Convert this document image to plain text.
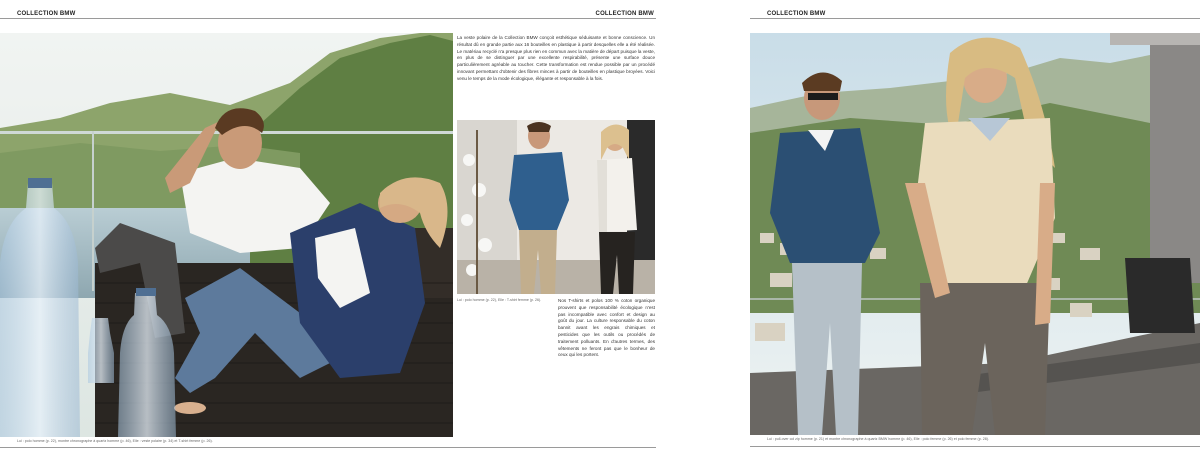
COLLECTION BMW	COLLECTION BMW

La veste polaire de la Collection BMW conçoit esthétique séduisante et bonne conscience. Un résultat dû en grande partie aux 16 bouteilles en plastique à partir desquelles elle a été réalisée. Le matériau recyclé n'a presque plus rien en commun avec la matière de départ puisque la veste, en plus de se distinguer par une excellente respirabilité, présente une surface douce particulièrement agréable au toucher. Cette transformation est rendue possible par un procédé innovant permettant d'obtenir des fibres minces à partir de bouteilles en plastique broyées. Voici venu le temps de la mode écologique, élégante et responsable à la fois.

Lui : polo homme (p. 22), Elle : T-shirt femme (p. 26).	Nos T-shirts et polos 100 % coton organique prouvent que responsabilité écologique n'est pas incompatible avec confort et design au goût du jour. La culture responsable du coton bannit avant les engrais chimiques et pesticides que les outils ou procédés de traitement polluants. En d'autres termes, des vêtements ne feront pas que le bonheur de ceux qui les portent.

Lui : polo homme (p. 22), montre chronographe à quartz homme (p. 46), Elle : veste polaire (p. 34) et T-shirt femme (p. 26).
COLLECTION BMW
Lui : pull-over col zip homme (p. 21) et montre chronographe à quartz BMW homme (p. 46), Elle : polo femme (p. 26) et polo femme (p. 28).
